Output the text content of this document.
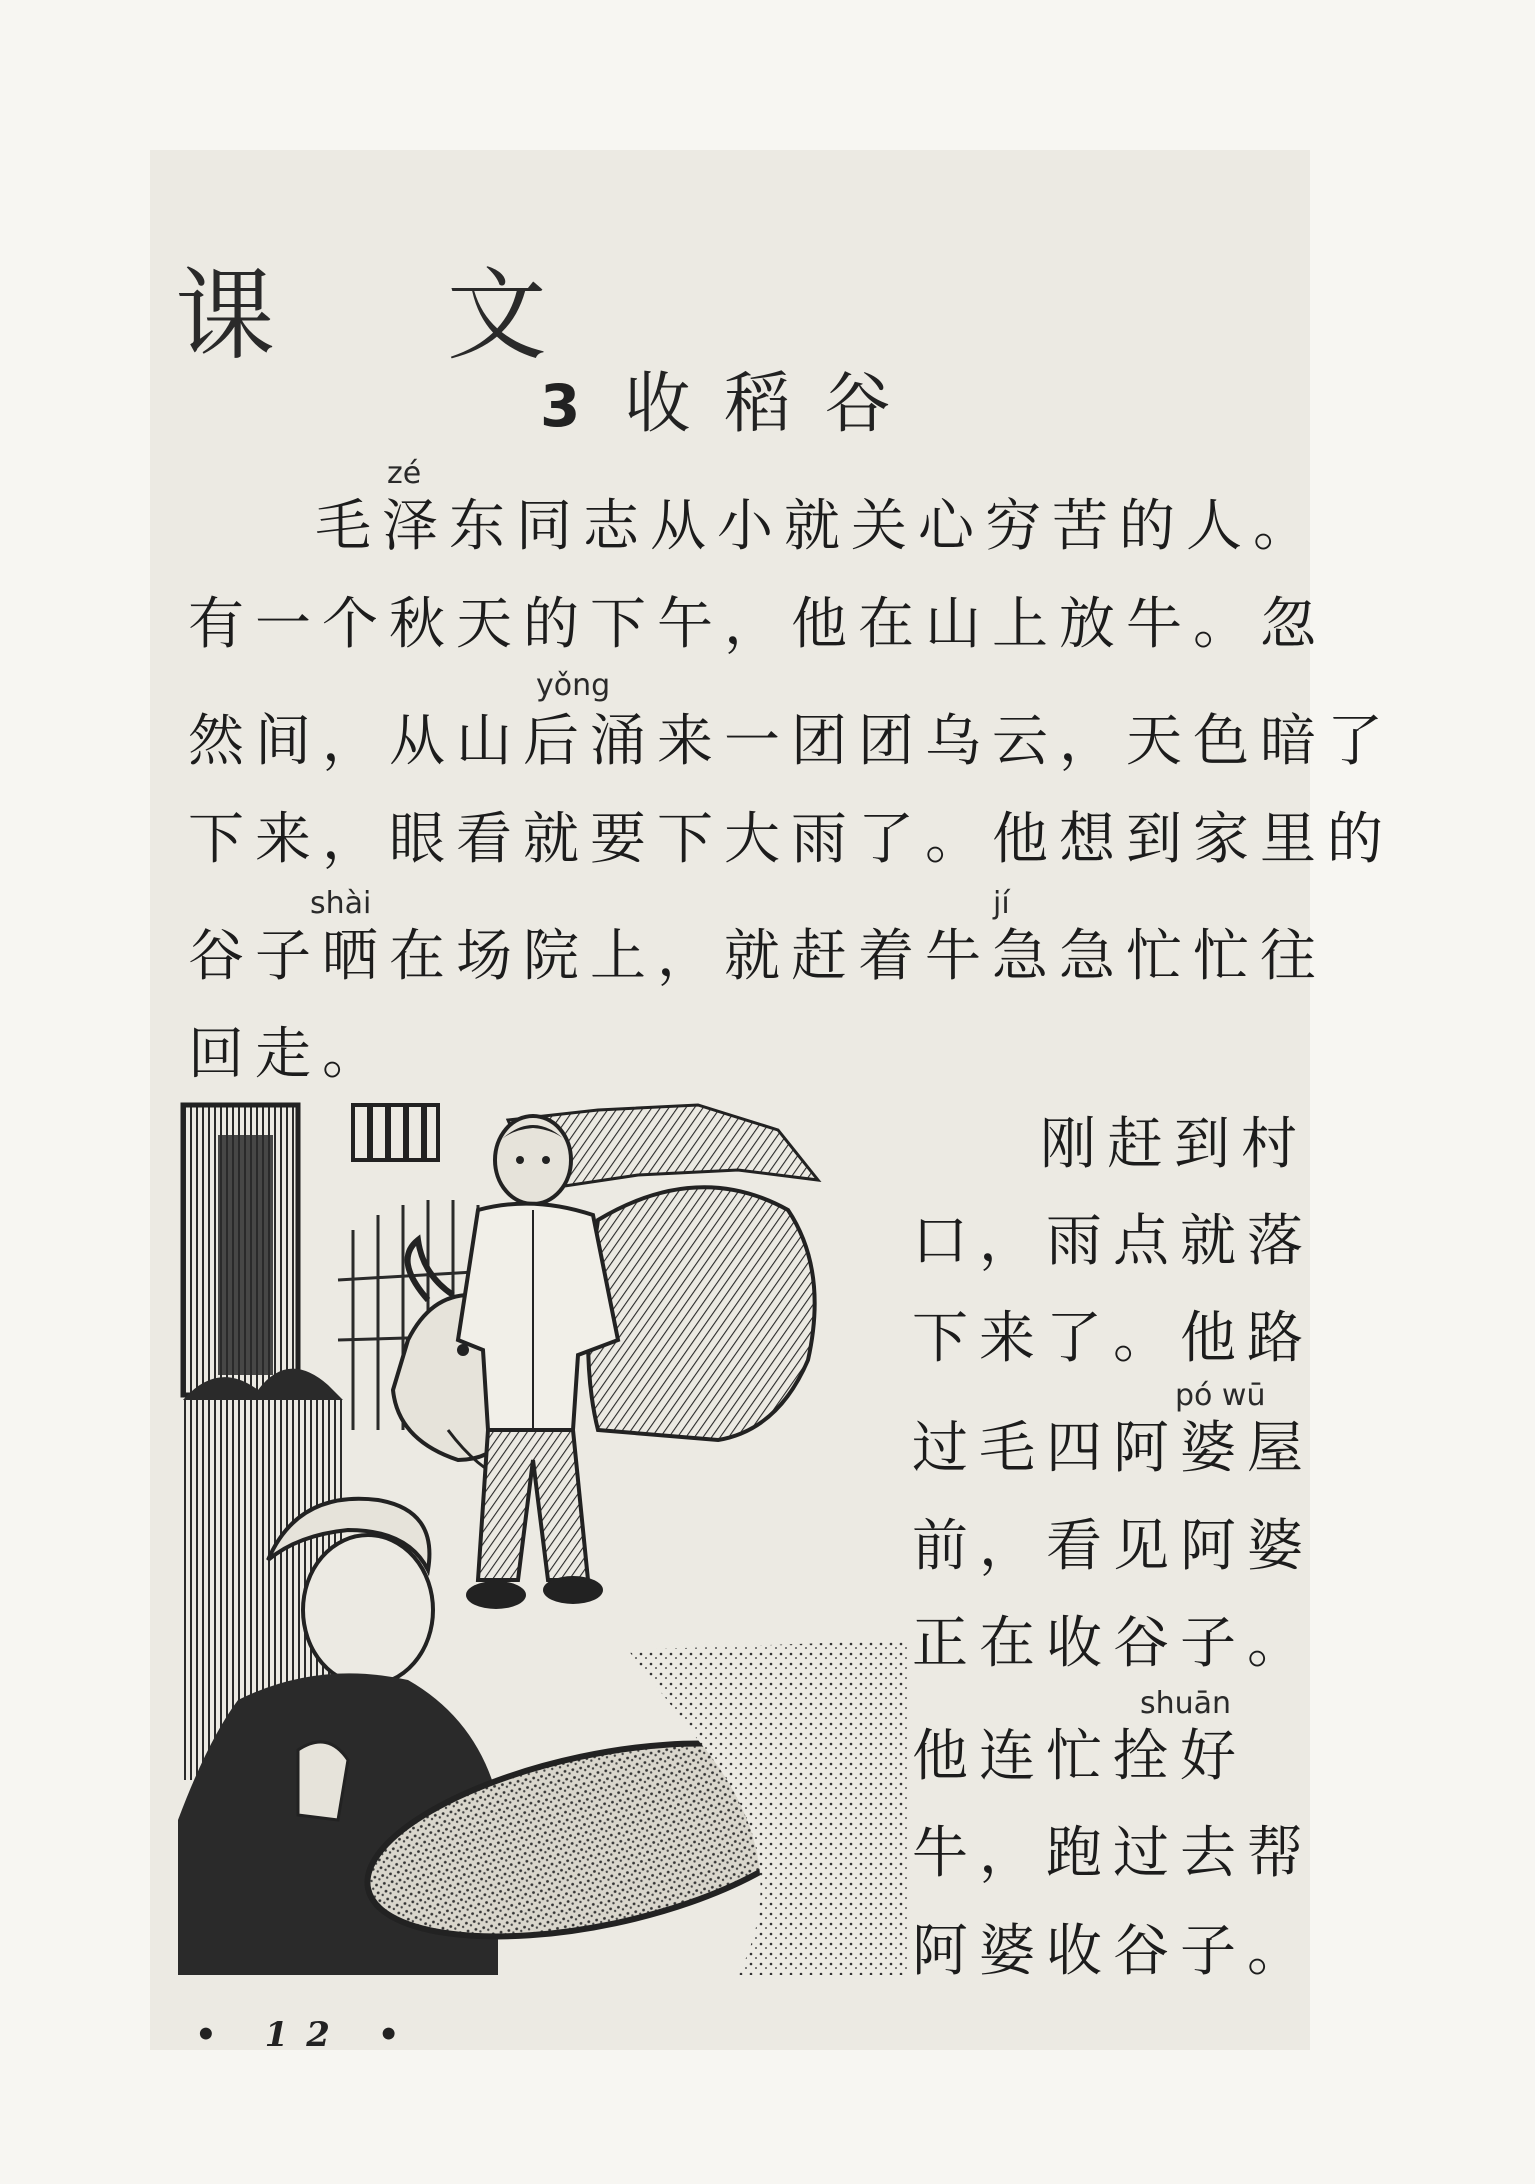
课 文
3 收稻谷
zé
yǒng
shài	jí
pó wū
shuān
毛泽东同志从小就关心穷苦的人。
有一个秋天的下午，他在山上放牛。忽
然间，从山后涌来一团团乌云，天色暗了
下来，眼看就要下大雨了。他想到家里的
谷子晒在场院上，就赶着牛急急忙忙往
回走。
刚赶到村
口，雨点就落
下来了。他路
过毛四阿婆屋
前，看见阿婆
正在收谷子。
他连忙拴好
牛，跑过去帮
阿婆收谷子。
• 12 •
